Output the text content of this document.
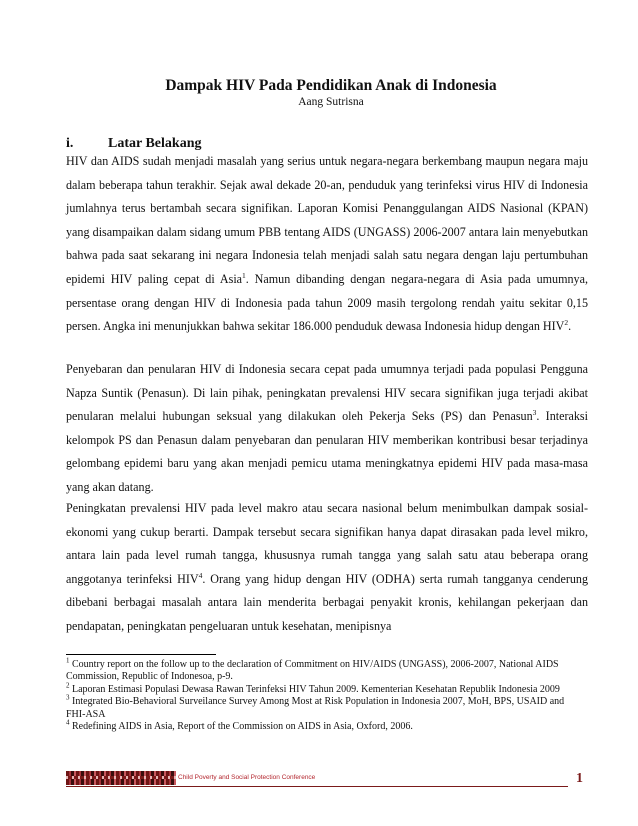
Dampak HIV Pada Pendidikan Anak di Indonesia
Aang Sutrisna
i. Latar Belakang

HIV dan AIDS sudah menjadi masalah yang serius untuk negara-negara berkembang maupun negara maju dalam beberapa tahun terakhir. Sejak awal dekade 20-an, penduduk yang terinfeksi virus HIV di Indonesia jumlahnya terus bertambah secara signifikan. Laporan Komisi Penanggulangan AIDS Nasional (KPAN) yang disampaikan dalam sidang umum PBB tentang AIDS (UNGASS) 2006-2007 antara lain menyebutkan bahwa pada saat sekarang ini negara Indonesia telah menjadi salah satu negara dengan laju pertumbuhan epidemi HIV paling cepat di Asia$^1$. Namun dibanding dengan negara-negara di Asia pada umumnya, persentase orang dengan HIV di Indonesia pada tahun 2009 masih tergolong rendah yaitu sekitar 0,15 persen. Angka ini menunjukkan bahwa sekitar 186.000 penduduk dewasa Indonesia hidup dengan HIV$^2$.

Penyebaran dan penularan HIV di Indonesia secara cepat pada umumnya terjadi pada populasi Pengguna Napza Suntik (Penasun). Di lain pihak, peningkatan prevalensi HIV secara signifikan juga terjadi akibat penularan melalui hubungan seksual yang dilakukan oleh Pekerja Seks (PS) dan Penasun$^3$. Interaksi kelompok PS dan Penasun dalam penyebaran dan penularan HIV memberikan kontribusi besar terjadinya gelombang epidemi baru yang akan menjadi pemicu utama meningkatnya epidemi HIV pada masa-masa yang akan datang.

Peningkatan prevalensi HIV pada level makro atau secara nasional belum menimbulkan dampak sosial-ekonomi yang cukup berarti. Dampak tersebut secara signifikan hanya dapat dirasakan pada level mikro, antara lain pada level rumah tangga, khususnya rumah tangga yang salah satu atau beberapa orang anggotanya terinfeksi HIV$^4$. Orang yang hidup dengan HIV (ODHA) serta rumah tangganya cenderung dibebani berbagai masalah antara lain menderita berbagai penyakit kronis, kehilangan pekerjaan dan pendapatan, peningkatan pengeluaran untuk kesehatan, menipisnya

$^1$ Country report on the follow up to the declaration of Commitment on HIV/AIDS (UNGASS), 2006-2007, National AIDS Commission, Republic of Indonesoa, p-9.
$^2$ Laporan Estimasi Populasi Dewasa Rawan Terinfeksi HIV Tahun 2009. Kementerian Kesehatan Republik Indonesia 2009
$^3$ Integrated Bio-Behavioral Surveilance Survey Among Most at Risk Population in Indonesia 2007, MoH, BPS, USAID and FHI-ASA
$^4$ Redefining AIDS in Asia, Report of the Commission on AIDS in Asia, Oxford, 2006.
Child Poverty and Social Protection Conference	1
